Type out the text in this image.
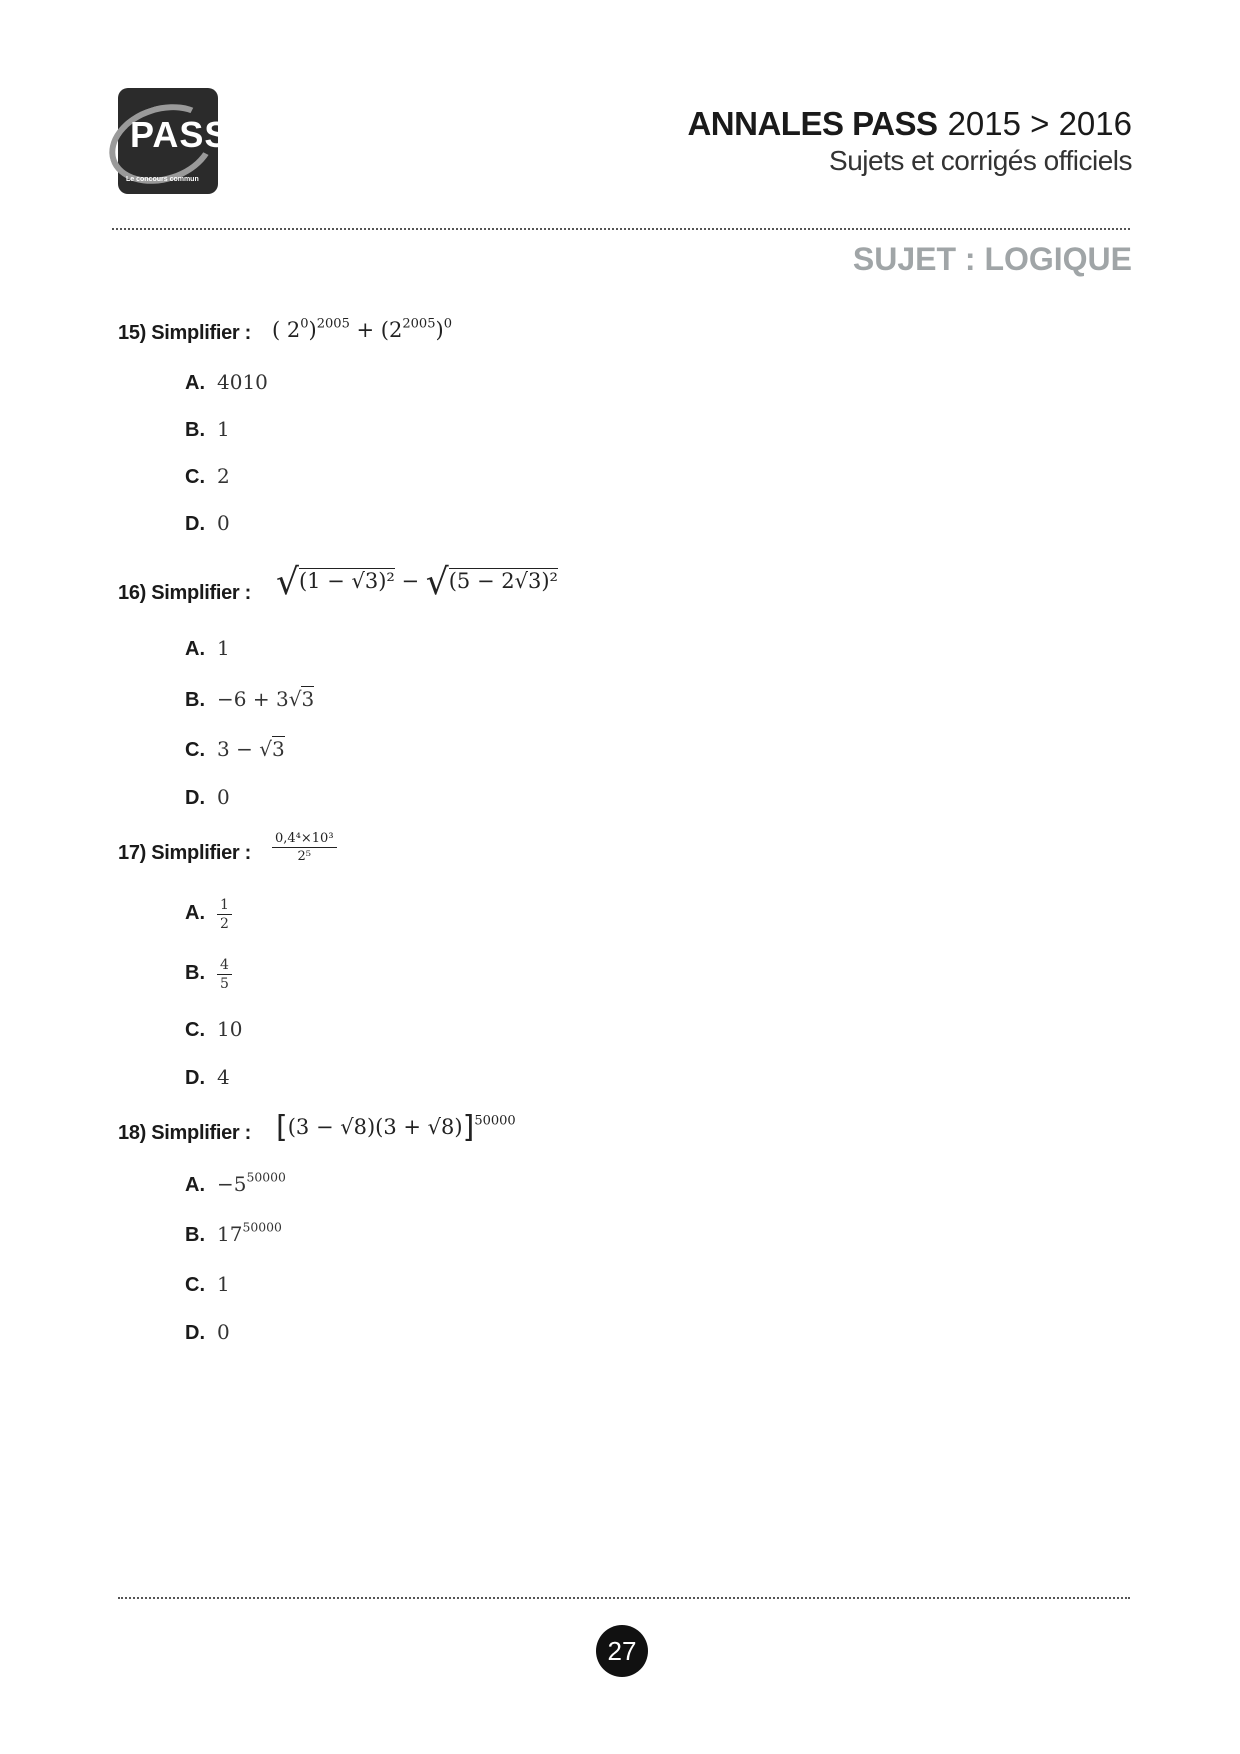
PASS
Le concours commun
ANNALES PASS 2015 > 2016
Sujets et corrigés officiels
SUJET : LOGIQUE
15) Simplifier : ( $2^0)^{2005} + (2^{2005})^0$
A. 4010
B. 1
C. 2
D. 0
16) Simplifier : √(1 − √3)² − √(5 − 2√3)²
A. 1
B. −6 + 3√3
C. 3 − √3
D. 0
17) Simplifier : $\frac{\text{0,4⁴×10³}}{\text{2⁵}}$
A. $\frac{1}{2}$
B. $\frac{4}{5}$
C. 10
D. 4
18) Simplifier : $[(3 - √8)(3 + √8)]^{50000}$
A. $-5^{50000}$
B. $17^{50000}$
C. 1
D. 0
27
